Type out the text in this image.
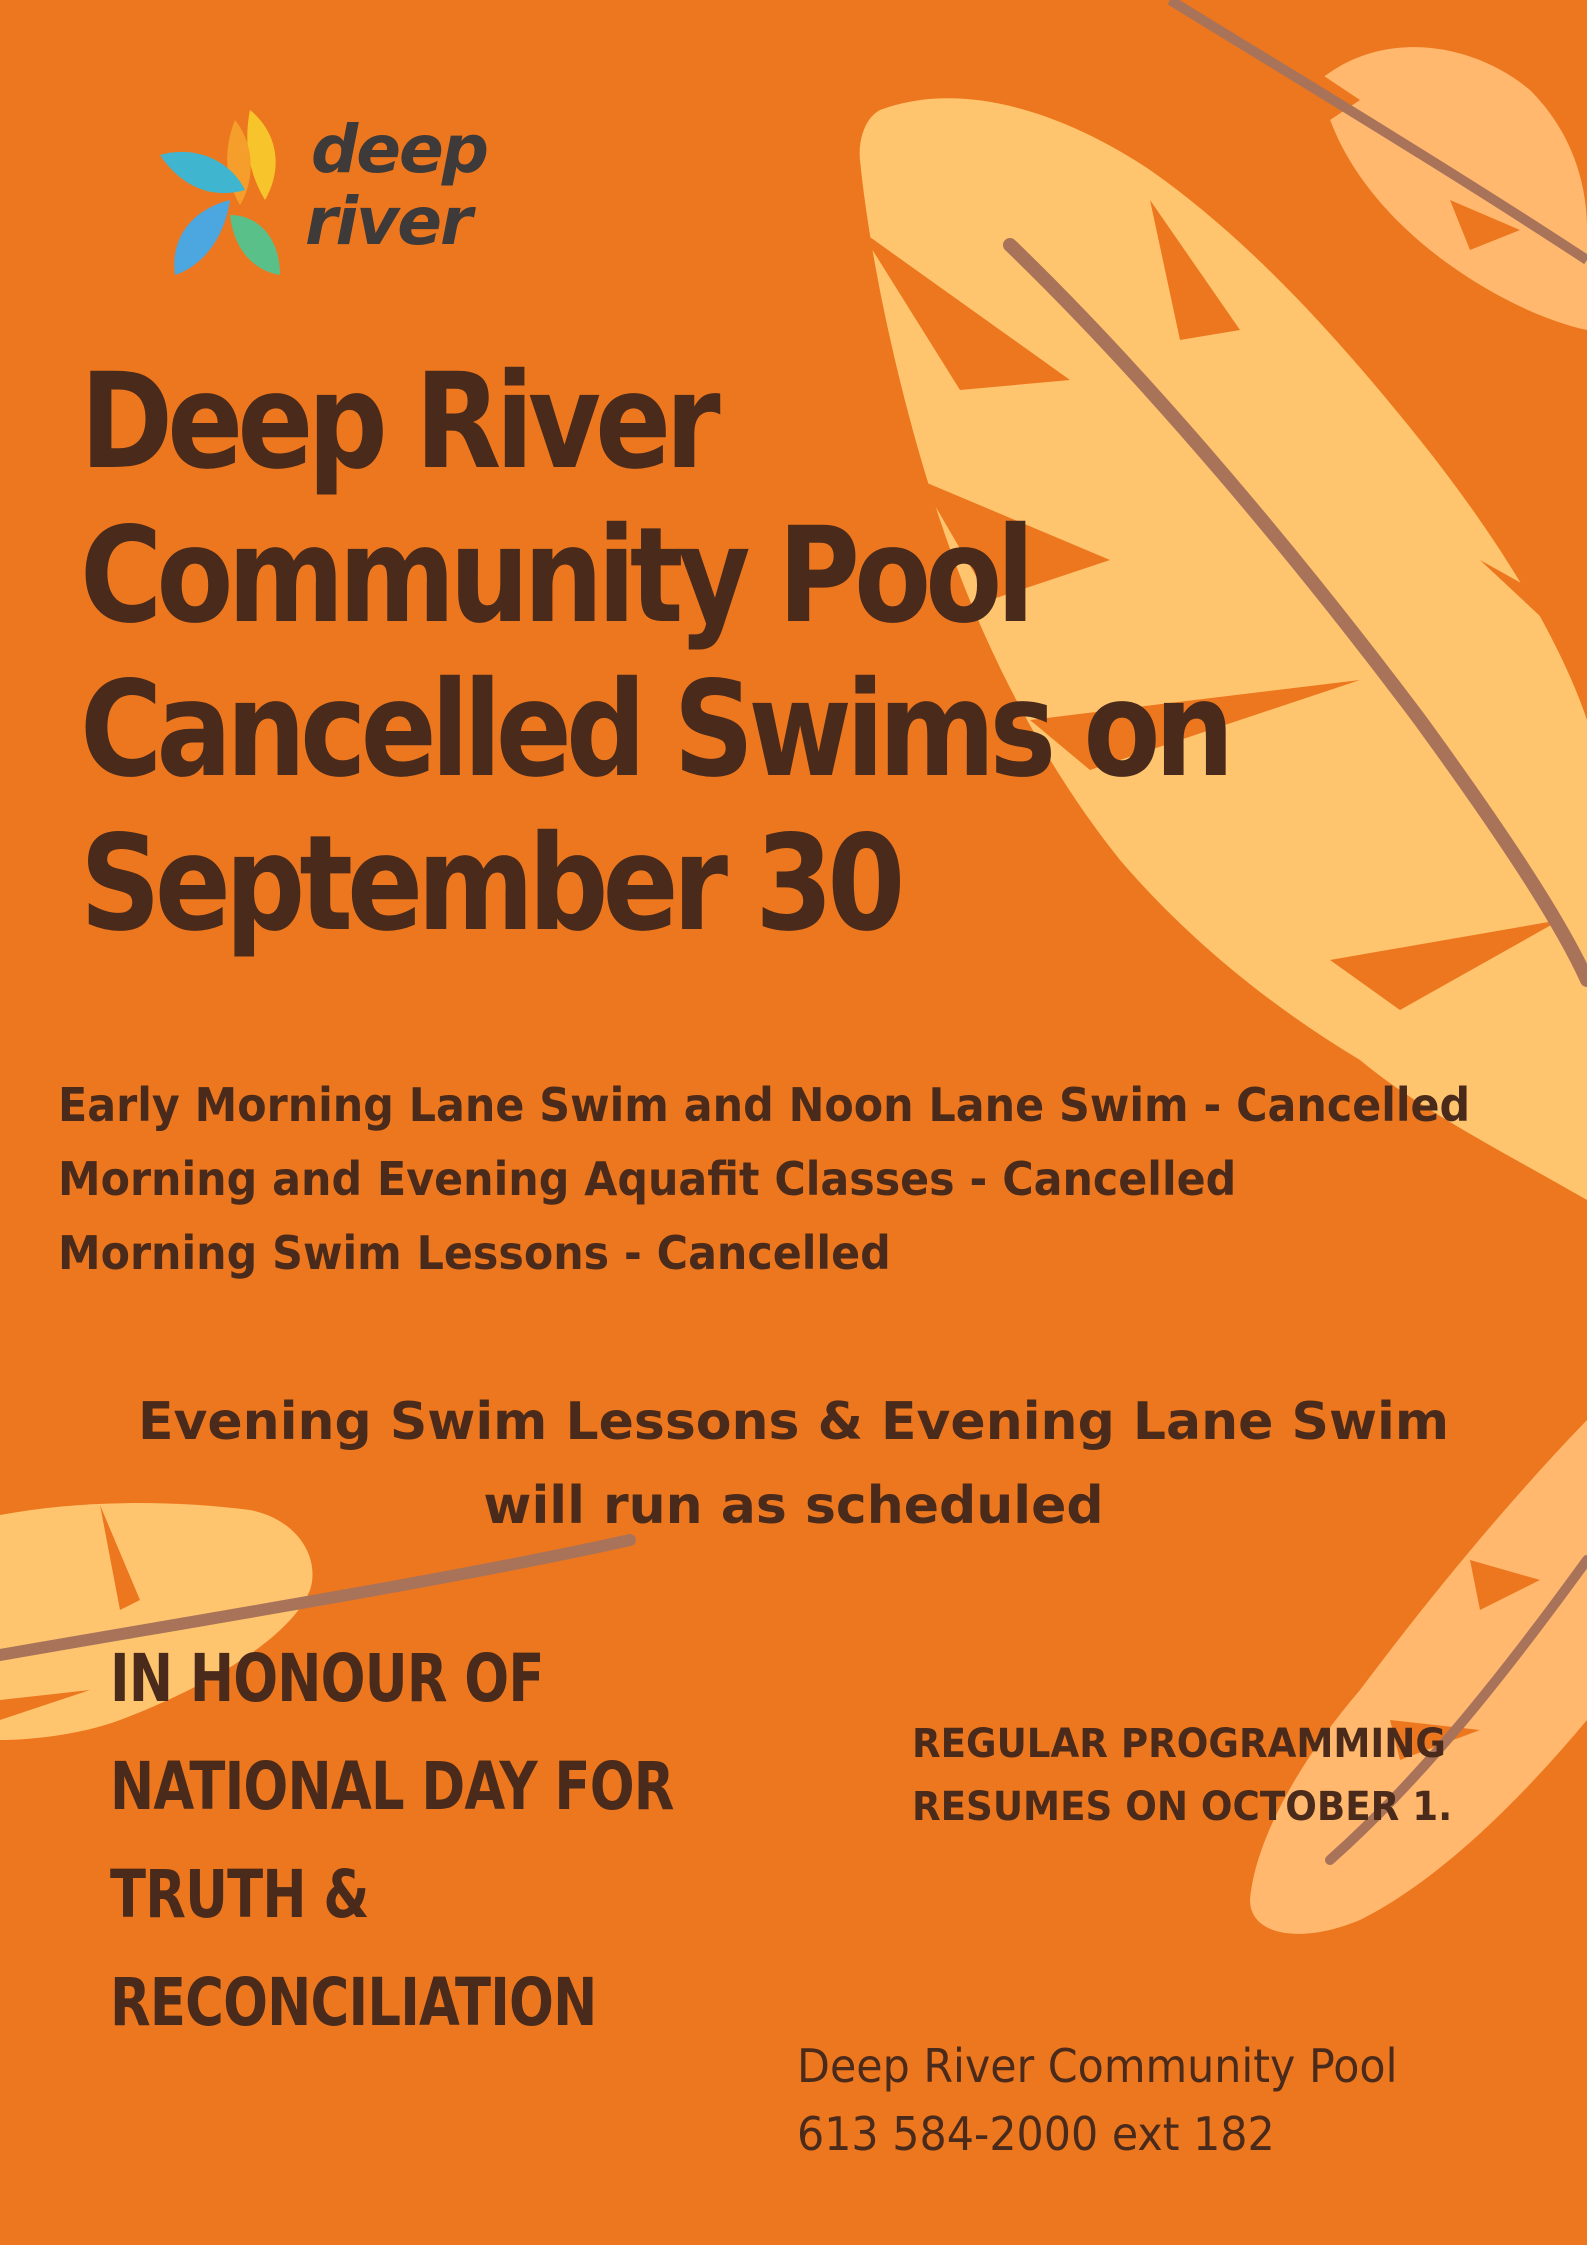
deep
river
Deep River
Community Pool
Cancelled Swims on
September 30
Early Morning Lane Swim and Noon Lane Swim - Cancelled
Morning and Evening Aquafit Classes - Cancelled
Morning Swim Lessons - Cancelled
Evening Swim Lessons & Evening Lane Swim
will run as scheduled
IN HONOUR OF
NATIONAL DAY FOR
TRUTH &
RECONCILIATION
REGULAR PROGRAMMING
RESUMES ON OCTOBER 1.
Deep River Community Pool
613 584-2000 ext 182
